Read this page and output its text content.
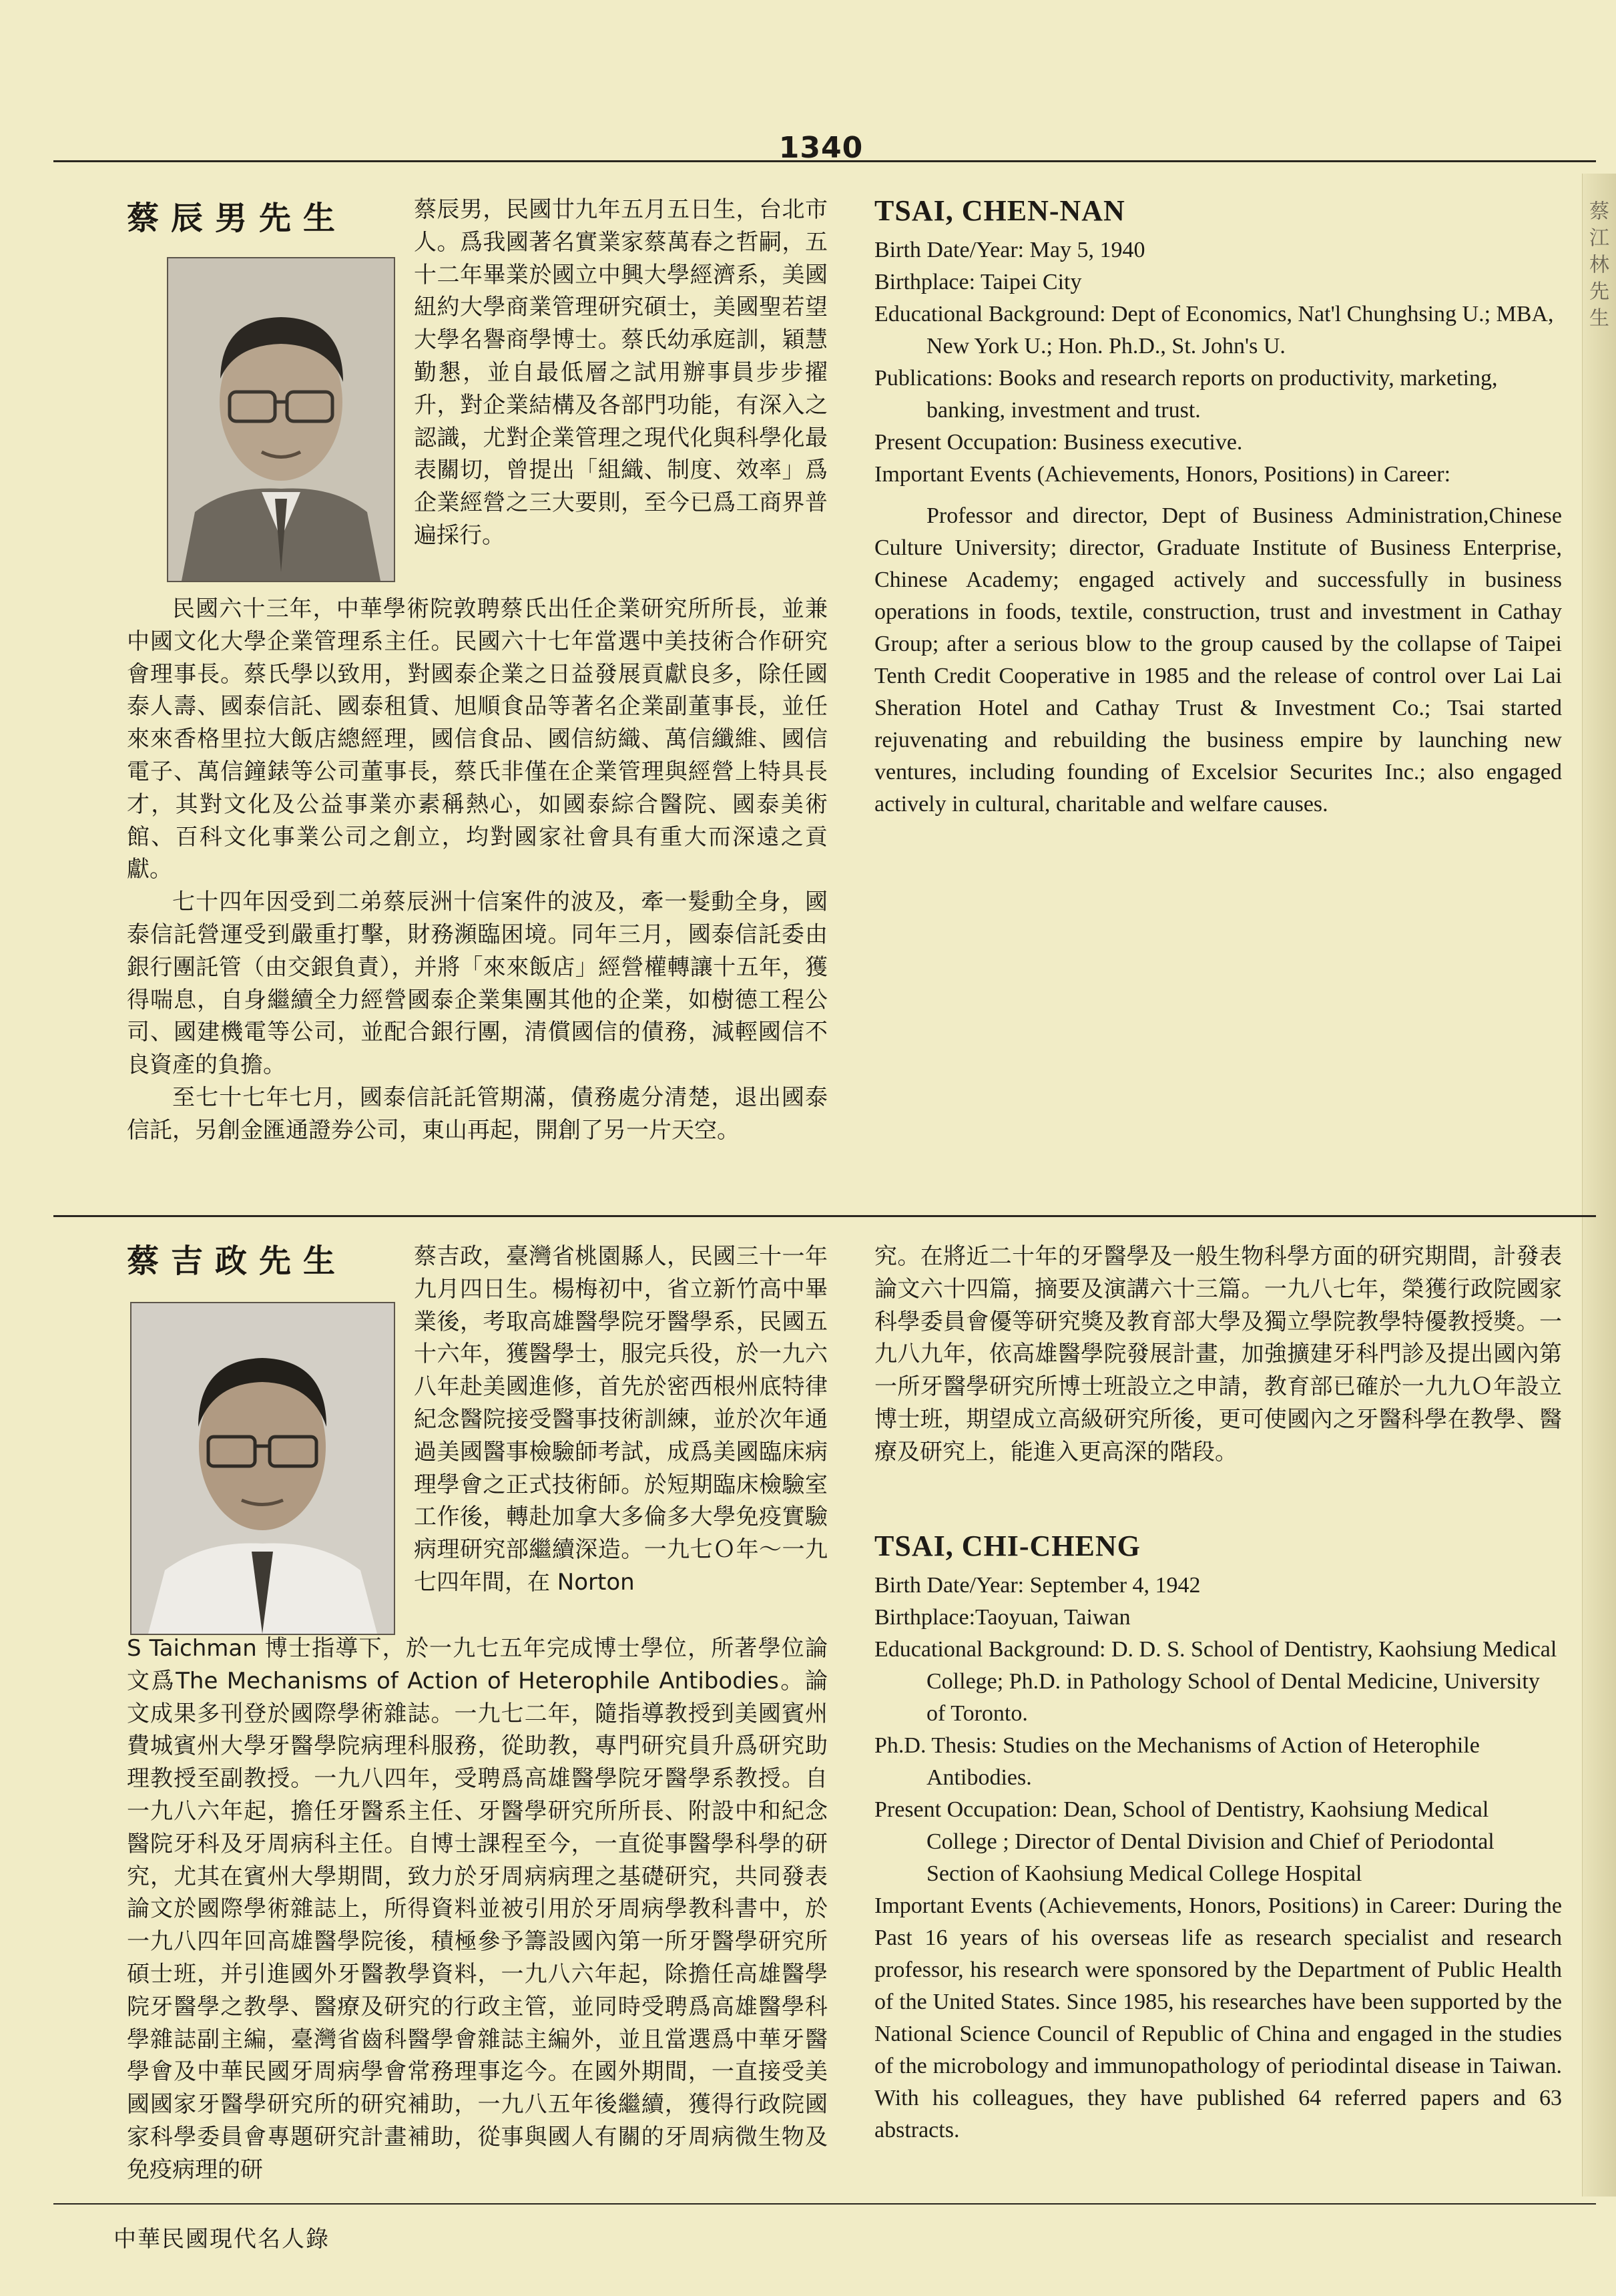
蔡江林先生
1340
蔡辰男先生	蔡辰男，民國廿九年五月五日生，台北市人。爲我國著名實業家蔡萬春之哲嗣，五十二年畢業於國立中興大學經濟系，美國紐約大學商業管理研究碩士，美國聖若望大學名譽商學博士。蔡氏幼承庭訓，穎慧勤懇，並自最低層之試用辦事員步步擢升，對企業結構及各部門功能，有深入之認識，尤對企業管理之現代化與科學化最表關切，曾提出「組織、制度、效率」爲企業經營之三大要則，至今已爲工商界普遍採行。

民國六十三年，中華學術院敦聘蔡氏出任企業研究所所長，並兼中國文化大學企業管理系主任。民國六十七年當選中美技術合作研究會理事長。蔡氏學以致用，對國泰企業之日益發展貢獻良多，除任國泰人壽、國泰信託、國泰租賃、旭順食品等著名企業副董事長，並任來來香格里拉大飯店總經理，國信食品、國信紡織、萬信纖維、國信電子、萬信鐘錶等公司董事長，蔡氏非僅在企業管理與經營上特具長才，其對文化及公益事業亦素稱熱心，如國泰綜合醫院、國泰美術館、百科文化事業公司之創立，均對國家社會具有重大而深遠之貢獻。

七十四年因受到二弟蔡辰洲十信案件的波及，牽一髮動全身，國泰信託營運受到嚴重打擊，財務瀕臨困境。同年三月，國泰信託委由銀行團託管（由交銀負責），并將「來來飯店」經營權轉讓十五年，獲得喘息，自身繼續全力經營國泰企業集團其他的企業，如樹德工程公司、國建機電等公司，並配合銀行團，清償國信的債務，減輕國信不良資產的負擔。

至七十七年七月，國泰信託託管期滿，債務處分清楚，退出國泰信託，另創金匯通證券公司，東山再起，開創了另一片天空。

TSAI, CHEN-NAN

Birth Date/Year: May 5, 1940

Birthplace: Taipei City

Educational Background: Dept of Economics, Nat'l Chunghsing U.; MBA, New York U.; Hon. Ph.D., St. John's U.

Publications: Books and research reports on productivity, marketing, banking, investment and trust.

Present Occupation: Business executive.

Important Events (Achievements, Honors, Positions) in Career:

Professor and director, Dept of Business Administration,Chinese Culture University; director, Graduate Institute of Business Enterprise, Chinese Academy; engaged actively and successfully in business operations in foods, textile, construction, trust and investment in Cathay Group; after a serious blow to the group caused by the collapse of Taipei Tenth Credit Cooperative in 1985 and the release of control over Lai Lai Sheration Hotel and Cathay Trust & Investment Co.; Tsai started rejuvenating and rebuilding the business empire by launching new ventures, including founding of Excelsior Securites Inc.; also engaged actively in cultural, charitable and welfare causes.

蔡吉政先生	蔡吉政，臺灣省桃園縣人，民國三十一年九月四日生。楊梅初中，省立新竹高中畢業後，考取高雄醫學院牙醫學系，民國五十六年，獲醫學士，服完兵役，於一九六八年赴美國進修，首先於密西根州底特律紀念醫院接受醫事技術訓練，並於次年通過美國醫事檢驗師考試，成爲美國臨床病理學會之正式技術師。於短期臨床檢驗室工作後，轉赴加拿大多倫多大學免疫實驗病理研究部繼續深造。一九七Ｏ年～一九七四年間，在 Norton

S Taichman 博士指導下，於一九七五年完成博士學位，所著學位論文爲The Mechanisms of Action of Heterophile Antibodies。論文成果多刊登於國際學術雜誌。一九七二年，隨指導教授到美國賓州費城賓州大學牙醫學院病理科服務，從助教，專門研究員升爲研究助理教授至副教授。一九八四年，受聘爲高雄醫學院牙醫學系教授。自一九八六年起，擔任牙醫系主任、牙醫學研究所所長、附設中和紀念醫院牙科及牙周病科主任。自博士課程至今，一直從事醫學科學的研究，尤其在賓州大學期間，致力於牙周病病理之基礎研究，共同發表論文於國際學術雜誌上，所得資料並被引用於牙周病學教科書中，於一九八四年回高雄醫學院後，積極參予籌設國內第一所牙醫學研究所碩士班，并引進國外牙醫教學資料，一九八六年起，除擔任高雄醫學院牙醫學之教學、醫療及研究的行政主管，並同時受聘爲高雄醫學科學雜誌副主編，臺灣省齒科醫學會雜誌主編外，並且當選爲中華牙醫學會及中華民國牙周病學會常務理事迄今。在國外期間，一直接受美國國家牙醫學研究所的研究補助，一九八五年後繼續，獲得行政院國家科學委員會專題研究計畫補助，從事與國人有關的牙周病微生物及免疫病理的研

究。在將近二十年的牙醫學及一般生物科學方面的研究期間，計發表論文六十四篇，摘要及演講六十三篇。一九八七年，榮獲行政院國家科學委員會優等研究獎及教育部大學及獨立學院教學特優教授獎。一九八九年，依高雄醫學院發展計畫，加強擴建牙科門診及提出國內第一所牙醫學研究所博士班設立之申請，教育部已確於一九九Ｏ年設立博士班，期望成立高級研究所後，更可使國內之牙醫科學在教學、醫療及研究上，能進入更高深的階段。

TSAI, CHI-CHENG

Birth Date/Year: September 4, 1942

Birthplace:Taoyuan, Taiwan

Educational Background: D. D. S. School of Dentistry, Kaohsiung Medical College; Ph.D. in Pathology School of Dental Medicine, University of Toronto.

Ph.D. Thesis: Studies on the Mechanisms of Action of Heterophile Antibodies.

Present Occupation: Dean, School of Dentistry, Kaohsiung Medical College ; Director of Dental Division and Chief of Periodontal Section of Kaohsiung Medical College Hospital

Important Events (Achievements, Honors, Positions) in Career: During the Past 16 years of his overseas life as research specialist and research professor, his research were sponsored by the Department of Public Health of the United States. Since 1985, his researches have been supported by the National Science Council of Republic of China and engaged in the studies of the microbology and immunopathology of periodintal disease in Taiwan. With his colleagues, they have published 64 referred papers and 63 abstracts.

中華民國現代名人錄
